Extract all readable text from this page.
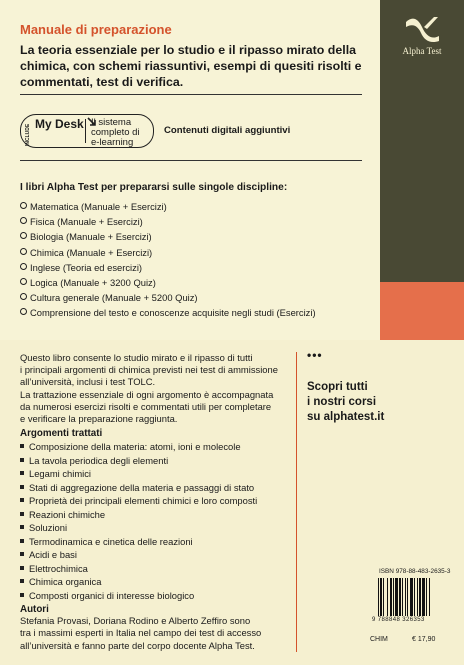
Alpha Test
Manuale di preparazione
La teoria essenziale per lo studio e il ripasso mirato della chimica, con schemi riassuntivi, esempi di quesiti risolti e commentati, test di verifica.
INCLUDE My Desk Il sistema
completo di
e-learning
Contenuti digitali aggiuntivi
I libri Alpha Test per prepararsi sulle singole discipline:
Matematica (Manuale + Esercizi)
Fisica (Manuale + Esercizi)
Biologia (Manuale + Esercizi)
Chimica (Manuale + Esercizi)
Inglese (Teoria ed esercizi)
Logica (Manuale + 3200 Quiz)
Cultura generale (Manuale + 5200 Quiz)
Comprensione del testo e conoscenze acquisite negli studi (Esercizi)
Questo libro consente lo studio mirato e il ripasso di tutti
i principali argomenti di chimica previsti nei test di ammissione
all’università, inclusi i test TOLC.
La trattazione essenziale di ogni argomento è accompagnata
da numerosi esercizi risolti e commentati utili per completare
e verificare la preparazione raggiunta.
Argomenti trattati
Composizione della materia: atomi, ioni e molecole
La tavola periodica degli elementi
Legami chimici
Stati di aggregazione della materia e passaggi di stato
Proprietà dei principali elementi chimici e loro composti
Reazioni chimiche
Soluzioni
Termodinamica e cinetica delle reazioni
Acidi e basi
Elettrochimica
Chimica organica
Composti organici di interesse biologico
Autori
Stefania Provasi, Doriana Rodino e Alberto Zeffiro sono
tra i massimi esperti in Italia nel campo dei test di accesso
all’università e fanno parte del corpo docente Alpha Test.
•••
Scopri tutti
i nostri corsi
su alphatest.it
ISBN 978-88-483-2635-3
9 788848 326353
CHIM	€ 17,90
